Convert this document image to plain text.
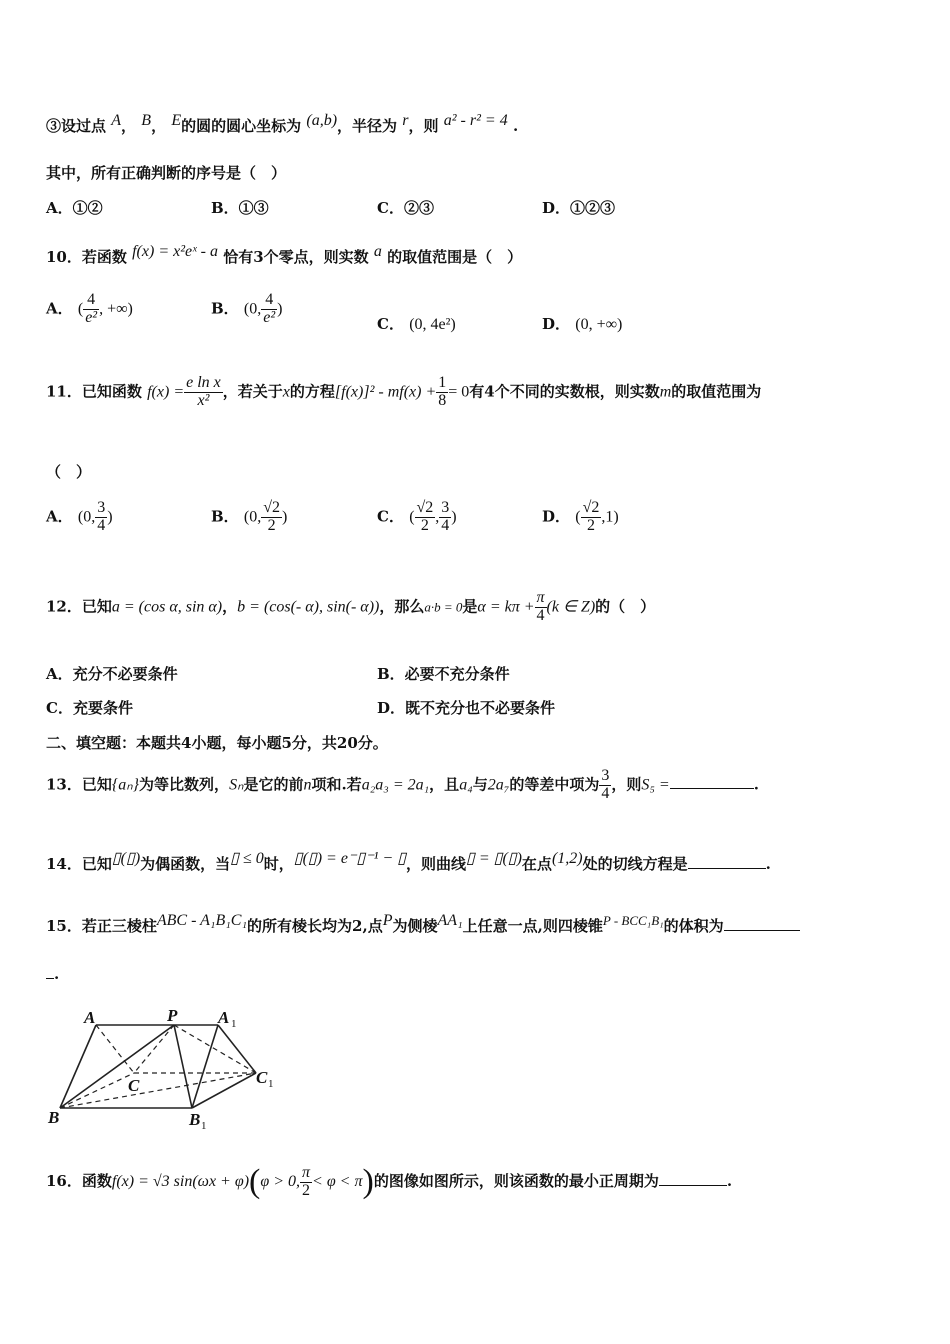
③设过点 $^A$， $^B$， $^E$的圆的圆心坐标为 $^{(a,b)}$，半径为 $^r$，则 $^{a^2 - r^2 = 4}$ .
其中，所有正确判断的序号是（　）
A．①②	B．①③	C．②③	D．①②③
10．若函数 $^{f(x) = x^2eˣ - a}$ 恰有3个零点，则实数 $^a$ 的取值范围是（　）
A． ( $\frac{4}{\text{e²}}$ , +∞)	B． (0, $\frac{4}{\text{e²}}$ )
C． (0, 4e²)	D． (0, +∞)
11．已知函数 $f(x) = \frac{\text{e ln x}}{\text{x²}}$ ，若关于x的方程$[f(x)]^2 - mf(x) + \frac{1}{8} = 0$有4个不同的实数根，则实数m的取值范围为
（　）
A． (0, $\frac{3}{4}$ )	B． (0, $\frac{√2}{2}$ )	C． ( $\frac{√2}{2}$ , $\frac{3}{4}$ )	D． ( $\frac{√2}{2} ,1$)
12．已知a = (cos α, sin α)，b = (cos(- α), sin(- α))，那么a·b = 0是$\alpha = k\pi + \frac{\pi}{4} (k$ ∈ Z)的（　）
A．充分不必要条件	B．必要不充分条件
C．充要条件	D．既不充分也不必要条件
二、填空题：本题共4小题，每小题5分，共20分。
13．已知{aₙ}为等比数列，Sₙ是它的前n项和.若a₂a₃ = 2a₁，且a₄与2a₇的等差中项为 $\frac{3}{4}$ ，则S₅ =	.
14．已知▯(▯)为偶函数，当$^{▯ \le 0}$时，$^{▯(▯) = e^-▯^{-1} - ▯}$，则曲线▯ = ▯(▯)在点$^{(1,2)}$处的切线方程是	.
15．若正三棱柱$^{ABC - A_1B_1C_1}$的所有棱长均为2,点$^P$为侧棱$^{AA_1}$上任意一点,则四棱锥$^{P - BCC_1B_1}$的体积为
.
A	P A
C	C
B	B
1
1
1
16．函数f(x) = √3 sin(ωx + φ)(φ > 0, $\frac{\pi}{2} < \varphi < \pi$)的图像如图所示，则该函数的最小正周期为	.
